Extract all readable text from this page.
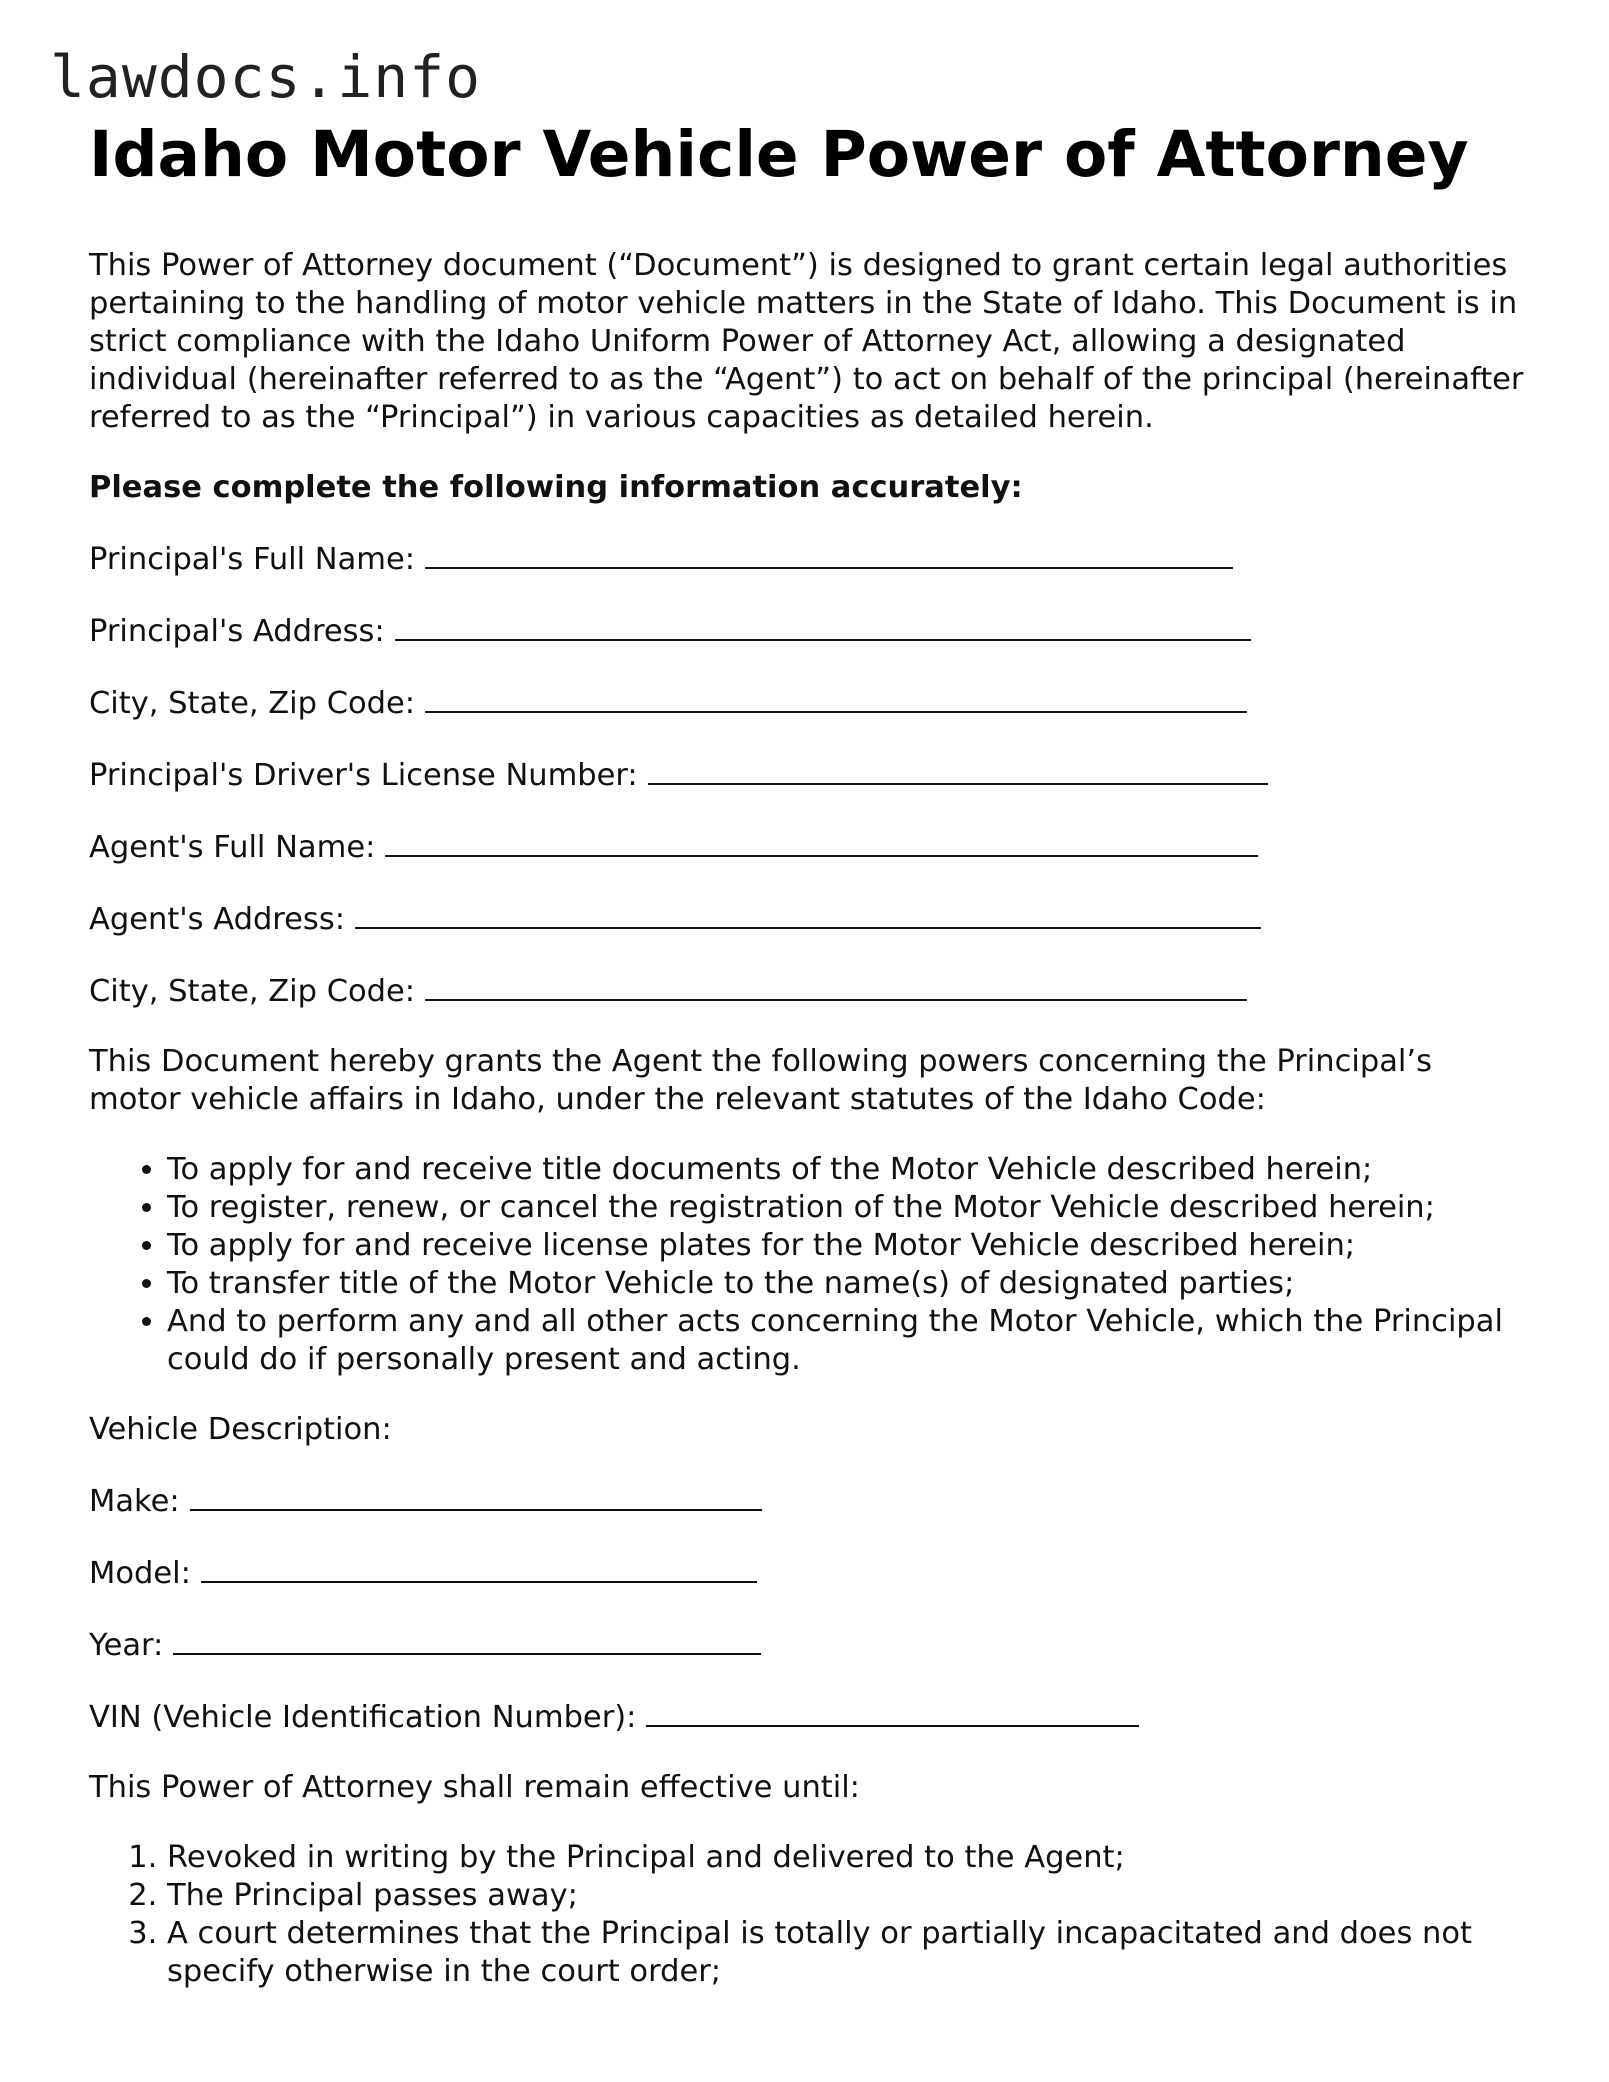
lawdocs.info
Idaho Motor Vehicle Power of Attorney

This Power of Attorney document (“Document”) is designed to grant certain legal authorities pertaining to the handling of motor vehicle matters in the State of Idaho. This Document is in strict compliance with the Idaho Uniform Power of Attorney Act, allowing a designated individual (hereinafter referred to as the “Agent”) to act on behalf of the principal (hereinafter referred to as the “Principal”) in various capacities as detailed herein.

Please complete the following information accurately:

Principal's Full Name:
Principal's Address:
City, State, Zip Code:
Principal's Driver's License Number:
Agent's Full Name:
Agent's Address:
City, State, Zip Code:

This Document hereby grants the Agent the following powers concerning the Principal’s motor vehicle affairs in Idaho, under the relevant statutes of the Idaho Code:

• To apply for and receive title documents of the Motor Vehicle described herein;
• To register, renew, or cancel the registration of the Motor Vehicle described herein;
• To apply for and receive license plates for the Motor Vehicle described herein;
• To transfer title of the Motor Vehicle to the name(s) of designated parties;
• And to perform any and all other acts concerning the Motor Vehicle, which the Principal could do if personally present and acting.

Vehicle Description:

Make:
Model:
Year:
VIN (Vehicle Identification Number):

This Power of Attorney shall remain effective until:

1. Revoked in writing by the Principal and delivered to the Agent;
2. The Principal passes away;
3. A court determines that the Principal is totally or partially incapacitated and does not specify otherwise in the court order;
